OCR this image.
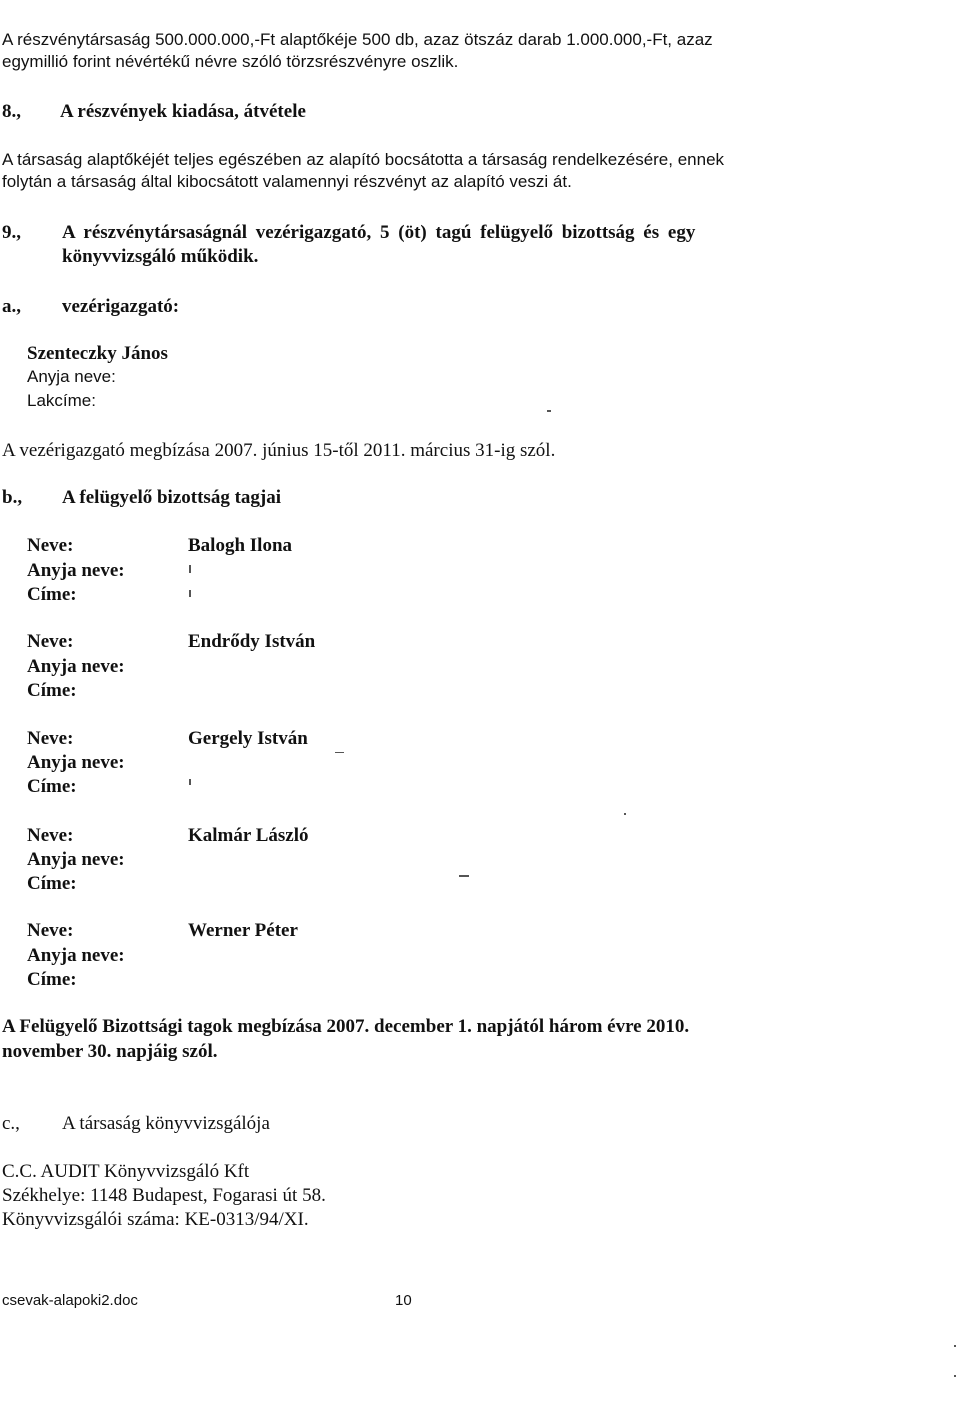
A részvénytársaság 500.000.000,-Ft alaptőkéje 500 db, azaz ötszáz darab 1.000.000,-Ft, azaz
egymillió forint névértékű névre szóló törzsrészvényre oszlik.
8., A részvények kiadása, átvétele
A társaság alaptőkéjét teljes egészében az alapító bocsátotta a társaság rendelkezésére, ennek
folytán a társaság által kibocsátott valamennyi részvényt az alapító veszi át.
9., A részvénytársaságnál vezérigazgató, 5 (öt) tagú felügyelő bizottság és egy
könyvvizsgáló működik.
a., vezérigazgató:
Szenteczky János
Anyja neve:
Lakcíme:
A vezérigazgató megbízása 2007. június 15-től 2011. március 31-ig szól.
b., A felügyelő bizottság tagjai
Neve:	Balogh Ilona
Anyja neve:
Címe:
Neve:	Endrődy István
Anyja neve:
Címe:
Neve:	Gergely István
Anyja neve:
Címe:
Neve:	Kalmár László
Anyja neve:
Címe:
Neve:	Werner Péter
Anyja neve:
Címe:
A Felügyelő Bizottsági tagok megbízása 2007. december 1. napjától három évre 2010.
november 30. napjáig szól.
c., A társaság könyvvizsgálója
C.C. AUDIT Könyvvizsgáló Kft
Székhelye: 1148 Budapest, Fogarasi út 58.
Könyvvizsgálói száma: KE-0313/94/XI.
csevak-alapoki2.doc	10
